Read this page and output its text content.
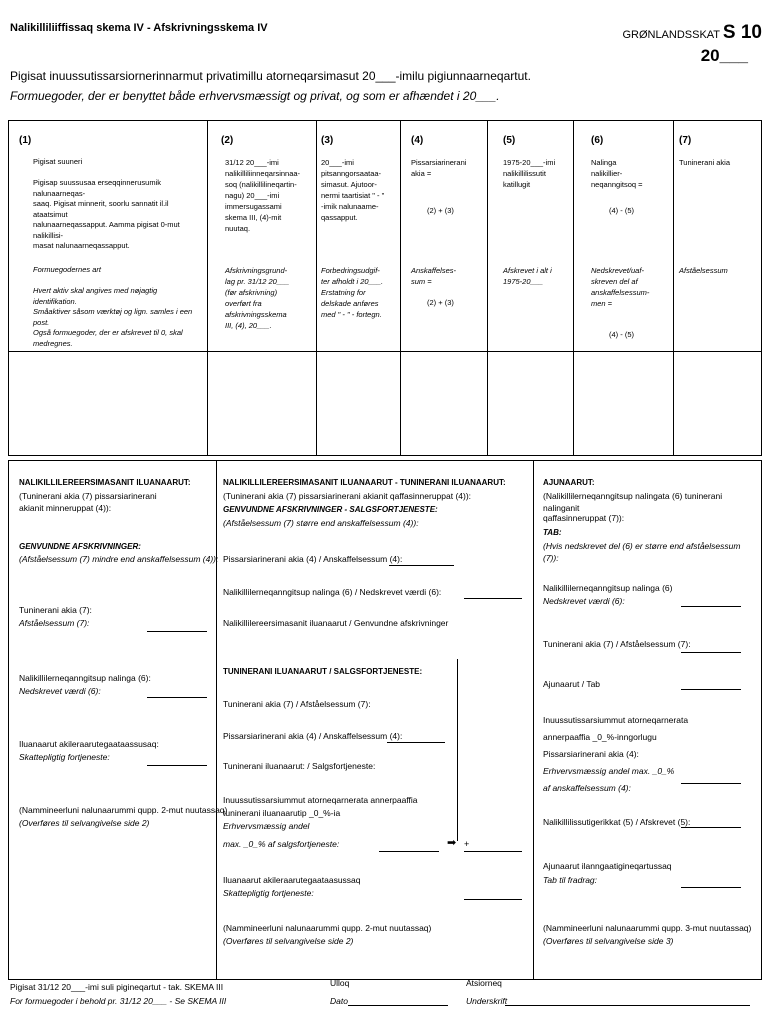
Nalikilliliiffissaq skema IV - Afskrivningsskema IV
GRØNLANDSSKAT S 10
20___
Pigisat inuussutissarsiornerinnarmut privatimillu atorneqarsimasut 20___-imilu pigiunnaarneqartut.
Formuegoder, der er benyttet både erhvervsmæssigt og privat, og som er afhændet i 20___.
(1)
Pigisat suuneri

Pigisap suussusaa erseqqinnerusumik nalunaarneqas-
saaq. Pigisat minnerit, soorlu sannatit il.il ataatsimut
nalunaarneqassapput. Aamma pigisat 0-mut nalikillisi-
masat nalunaarneqassapput.
Formuegodernes art

Hvert aktiv skal angives med nøjagtig identifikation.
Småaktiver såsom værktøj og lign. samles i een post.
Også formuegoder, der er afskrevet til 0, skal
medregnes.
(2)
31/12 20___-imi
nalikilliliinneqarsinnaa-
soq (nalikillilineqartin-
nagu) 20___-imi
immersugassami
skema III, (4)-mit
nuutaq.
Afskrivningsgrund-
lag pr. 31/12 20___
(før afskrivning)
overført fra
afskrivningsskema
III, (4), 20___.
(3)
20___-imi
pitsanngorsaataa-
simasut. Ajutoor-
nermi taartisiat " - "
-imik nalunaame-
qassapput.
Forbedringsudgif-
ter afholdt i 20___.
Erstatning for
delskade anføres
med " - " - fortegn.
(4)
Pissarsiarinerani
akia =
(2) + (3)
Anskaffelses-
sum =
(2) + (3)
(5)
1975-20___-imi
nalikillilissutit
katillugit
Afskrevet i alt i
1975-20___
(6)
Nalinga
nalikillier-
neqanngitsoq =
(4) - (5)
Nedskrevet/uaf-
skreven del af
anskaffelsessum-
men =
(4) - (5)
(7)
Tuninerani akia
Afståelsessum
NALIKILLILEREERSIMASANIT ILUANAARUT:
(Tuninerani akia (7) pissarsiarinerani
akianit minneruppat (4)):
GENVUNDNE AFSKRIVNINGER:
(Afståelsessum (7) mindre end anskaffelsessum (4)):
Tuninerani akia (7):
Afståelsessum (7):
Nalikillilerneqanngitsup nalinga (6):
Nedskrevet værdi (6):
Iluanaarut akileraarutegaataassusaq:
Skattepligtig fortjeneste:
(Nammineerluni nalunaarummi qupp. 2-mut nuutassaq)
(Overføres til selvangivelse side 2)
NALIKILLILEREERSIMASANIT ILUANAARUT - TUNINERANI ILUANAARUT:
(Tuninerani akia (7) pissarsiarinerani akianit qaffasinneruppat (4)):
GENVUNDNE AFSKRIVNINGER - SALGSFORTJENESTE:
(Afståelsessum (7) større end anskaffelsessum (4)):
Pissarsiarinerani akia (4) / Anskaffelsessum (4):
Nalikillilerneqanngitsup nalinga (6) / Nedskrevet værdi (6):
Nalikillilereersimasanit iluanaarut / Genvundne afskrivninger
TUNINERANI ILUANAARUT / SALGSFORTJENESTE:
Tuninerani akia (7) / Afståelsessum (7):
Pissarsiarinerani akia (4) / Anskaffelsessum (4):
Tuninerani iluanaarut: / Salgsfortjeneste:
Inuussutissarsiummut atorneqarnerata annerpaaffia
tuninerani iluanaarutip _0_%-ia
Erhvervsmæssig andel
max. _0_% af salgsfortjeneste:	➡ +
Iluanaarut akileraarutegaataasussaq
Skattepligtig fortjeneste:
(Nammineerluni nalunaarummi qupp. 2-mut nuutassaq)
(Overføres til selvangivelse side 2)
AJUNAARUT:
(Nalikillilerneqanngitsup nalingata (6) tuninerani nalinganit
qaffasinneruppat (7)):
TAB:
(Hvis nedskrevet del (6) er større end afståelsessum (7)):
Nalikillilerneqanngitsup nalinga (6)
Nedskrevet værdi (6):
Tuninerani akia (7) / Afståelsessum (7):
Ajunaarut / Tab
Inuussutissarsiummut atorneqarnerata
annerpaaffia _0_%-inngorlugu
Pissarsiarinerani akia (4):
Erhvervsmæssig andel max. _0_%
af anskaffelsessum (4):
Nalikillilissutigerikkat (5) / Afskrevet (5):
Ajunaarut ilanngaatigineqartussaq
Tab til fradrag:
(Nammineerluni nalunaarummi qupp. 3-mut nuutassaq)
(Overføres til selvangivelse side 3)
Pigisat 31/12 20___-imi suli pigineqartut - tak. SKEMA III
For formuegoder i behold pr. 31/12 20___ - Se SKEMA III
Ulloq
Dato
Atsiorneq
Underskrift
